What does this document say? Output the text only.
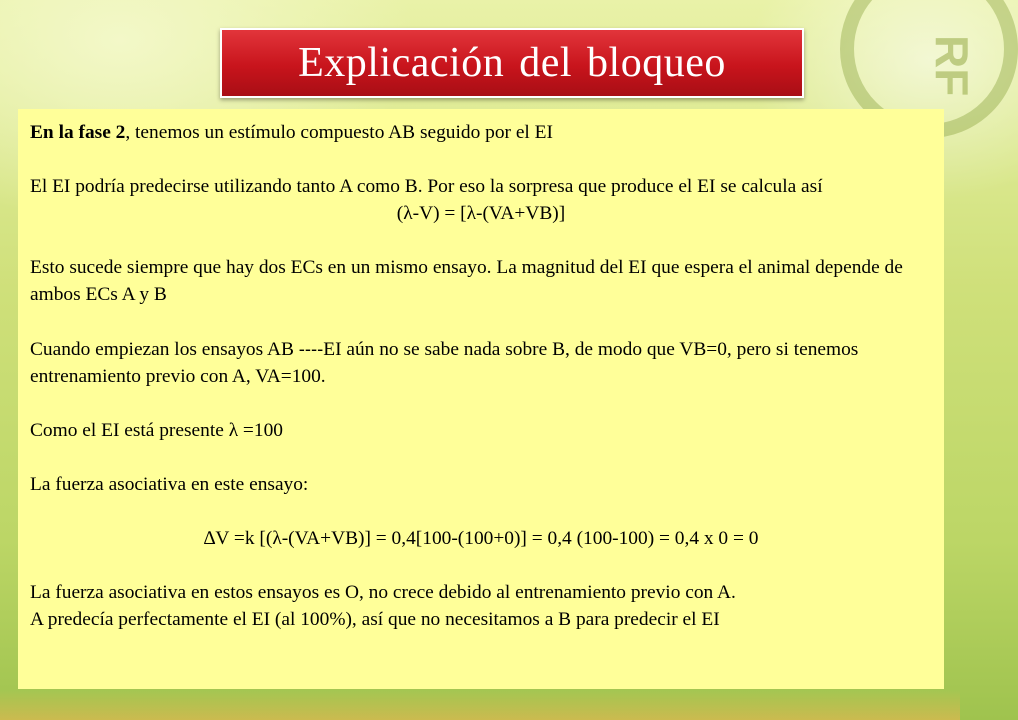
RF
Explicación del bloqueo

En la fase 2, tenemos un estímulo compuesto AB seguido por el EI

El EI podría predecirse utilizando tanto A como B. Por eso la sorpresa que produce el EI se calcula así

(λ-V) = [λ-(VA+VB)]

Esto sucede siempre que hay dos ECs en un mismo ensayo. La magnitud del EI que espera el animal depende de ambos ECs A y B

Cuando empiezan los ensayos AB ----EI aún no se sabe nada sobre B, de modo que VB=0, pero si tenemos entrenamiento previo con A, VA=100.

Como el EI está presente λ =100

La fuerza asociativa en este ensayo:

∆V =k [(λ-(VA+VB)] = 0,4[100-(100+0)] = 0,4 (100-100) = 0,4 x 0 = 0

La fuerza asociativa en estos ensayos es O, no crece debido al entrenamiento previo con A.

A predecía perfectamente el EI (al 100%), así que no necesitamos a B para predecir el EI
